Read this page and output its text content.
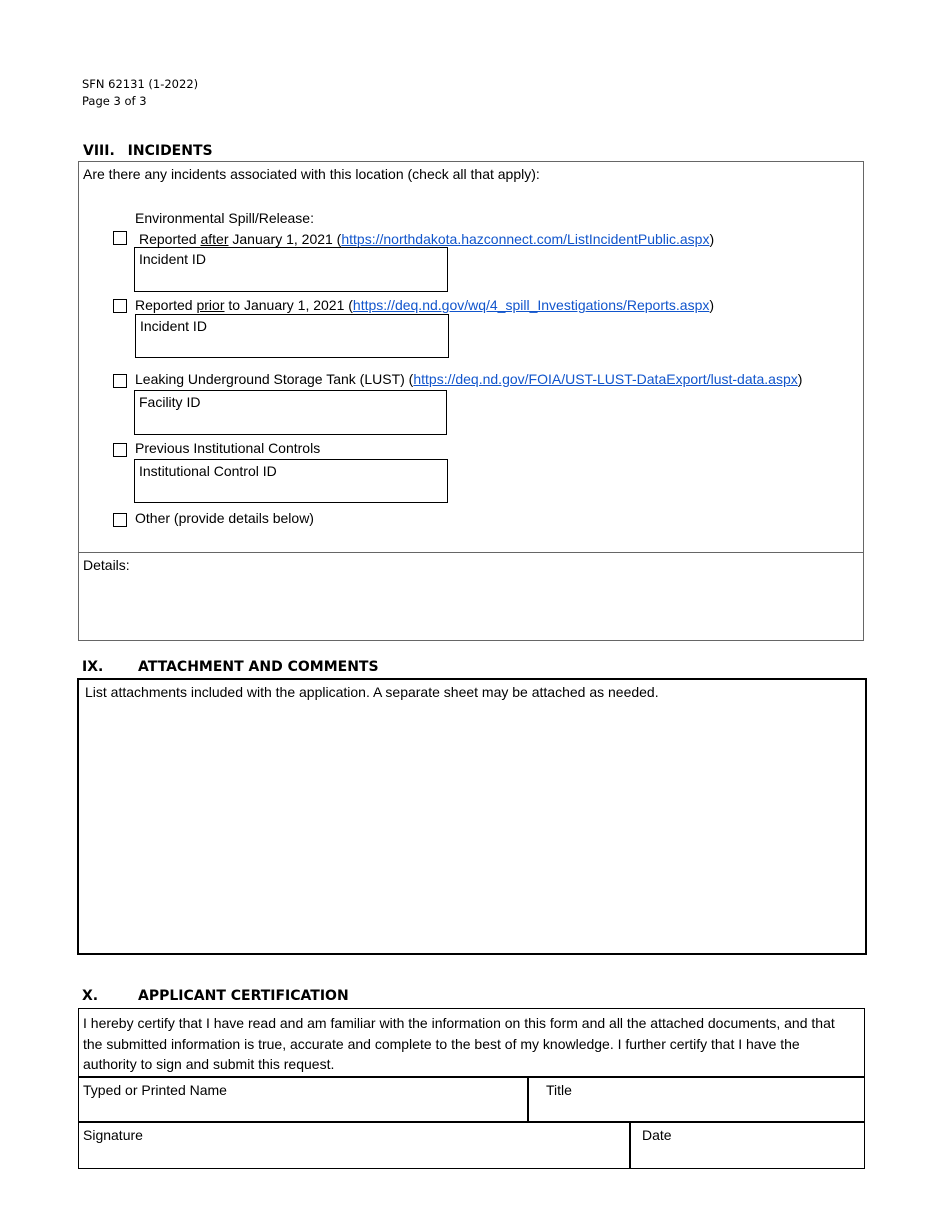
SFN 62131 (1-2022)
Page 3 of 3
VIII. INCIDENTS
Are there any incidents associated with this location (check all that apply):
Environmental Spill/Release:
Reported after January 1, 2021 (https://northdakota.hazconnect.com/ListIncidentPublic.aspx)
Incident ID
Reported prior to January 1, 2021 (https://deq.nd.gov/wq/4_spill_Investigations/Reports.aspx)
Incident ID
Leaking Underground Storage Tank (LUST) (https://deq.nd.gov/FOIA/UST-LUST-DataExport/lust-data.aspx)
Facility ID
Previous Institutional Controls
Institutional Control ID
Other (provide details below)
Details:
IX. ATTACHMENT AND COMMENTS
List attachments included with the application. A separate sheet may be attached as needed.
X.	APPLICANT CERTIFICATION
I hereby certify that I have read and am familiar with the information on this form and all the attached documents, and that the submitted information is true, accurate and complete to the best of my knowledge. I further certify that I have the authority to sign and submit this request.
Typed or Printed Name	Title
Signature	Date
